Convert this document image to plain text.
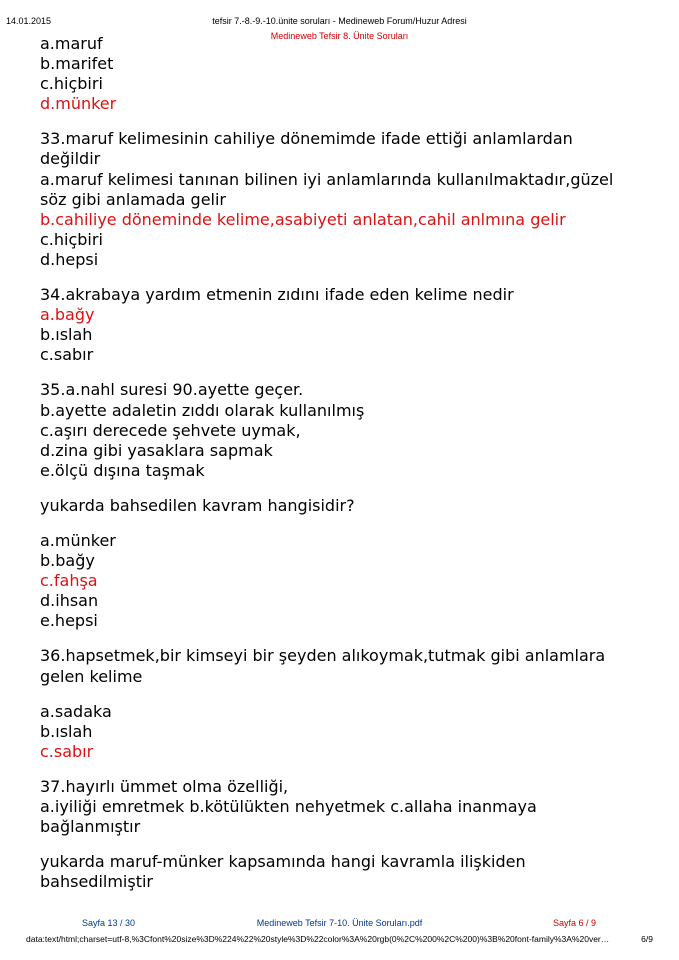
14.01.2015	tefsir 7.-8.-9.-10.ünite soruları - Medineweb Forum/Huzur Adresi
Medineweb Tefsir 8. Ünite Soruları

a.maruf

b.marifet

c.hiçbiri

d.münker

33.maruf kelimesinin cahiliye dönemimde ifade ettiği anlamlardan

değildir

a.maruf kelimesi tanınan bilinen iyi anlamlarında kullanılmaktadır,güzel

söz gibi anlamada gelir

b.cahiliye döneminde kelime,asabiyeti anlatan,cahil anlmına gelir

c.hiçbiri

d.hepsi

34.akrabaya yardım etmenin zıdını ifade eden kelime nedir

a.bağy

b.ıslah

c.sabır

35.a.nahl suresi 90.ayette geçer.

b.ayette adaletin zıddı olarak kullanılmış

c.aşırı derecede şehvete uymak,

d.zina gibi yasaklara sapmak

e.ölçü dışına taşmak

yukarda bahsedilen kavram hangisidir?

a.münker

b.bağy

c.fahşa

d.ihsan

e.hepsi

36.hapsetmek,bir kimseyi bir şeyden alıkoymak,tutmak gibi anlamlara

gelen kelime

a.sadaka

b.ıslah

c.sabır

37.hayırlı ümmet olma özelliği,

a.iyiliği emretmek b.kötülükten nehyetmek c.allaha inanmaya

bağlanmıştır

yukarda maruf-münker kapsamında hangi kavramla ilişkiden

bahsedilmiştir

Sayfa 13 / 30	Medineweb Tefsir 7-10. Ünite Soruları.pdf	Sayfa 6 / 9
data:text/html;charset=utf-8,%3Cfont%20size%3D%224%22%20style%3D%22color%3A%20rgb(0%2C%200%2C%200)%3B%20font-family%3A%20ver…	6/9
